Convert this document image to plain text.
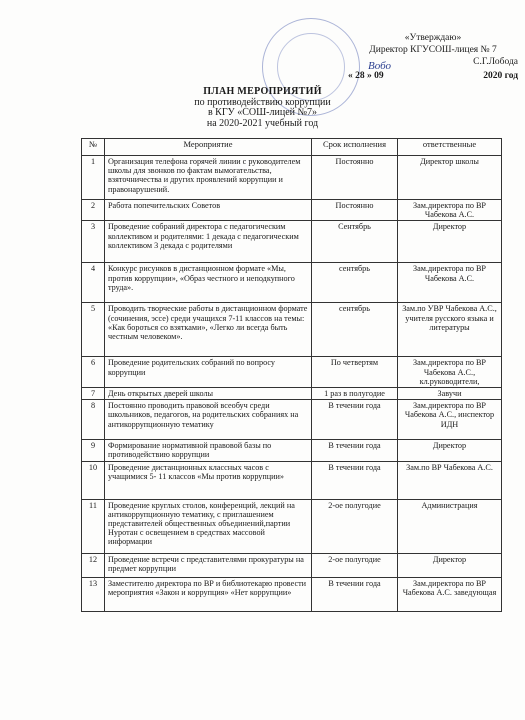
«Утверждаю»
Директор КГУСОШ-лицея № 7
С.Г.Лобода
Вобо
« 28 » 09	2020 год
ПЛАН МЕРОПРИЯТИЙ
по противодействию коррупции
в КГУ «СОШ-лицей №7»
на 2020-2021 учебный год
№	Мероприятие	Срок исполнения	ответственные
1	Организация телефона горячей линии с руководителем школы для звонков по фактам вымогательства, взяточничества и других проявлений коррупции и правонарушений.	Постоянно	Директор школы
2	Работа попечительских Советов	Постоянно	Зам.директора по ВР Чабекова А.С.
3	Проведение собраний директора с педагогическим коллективом и родителями: 1 декада с педагогическим коллективом 3 декада с родителями	Сентябрь	Директор
4	Конкурс рисунков в дистанционном формате «Мы, против коррупции», «Образ честного и неподкупного труда».	сентябрь	Зам.директора по ВР Чабекова А.С.
5	Проводить творческие работы в дистанционном формате (сочинения, эссе) среди учащихся 7-11 классов на темы: «Как бороться со взятками», «Легко ли всегда быть честным человеком».	сентябрь	Зам.по УВР Чабекова А.С., учителя русского языка и литературы
6	Проведение родительских собраний по вопросу коррупции	По четвертям	Зам.директора по ВР Чабекова А.С., кл.руководители,
7	День открытых дверей школы	1 раз в полугодие	Завучи
8	Постоянно проводить правовой всеобуч среди школьников, педагогов, на родительских собраниях на антикоррупционную тематику	В течении года	Зам.директора по ВР Чабекова А.С., инспектор ИДН
9	Формирование нормативной правовой базы по противодействию коррупции	В течении года	Директор
10	Проведение дистанционных классных часов с учащимися 5- 11 классов «Мы против коррупции»	В течении года	Зам.по ВР Чабекова А.С.
11	Проведение круглых столов, конференций, лекций на антикоррупционную тематику, с приглашением представителей общественных объединений,партии Нуротан с освещением в средствах массовой информации	2-ое полугодие	Администрация
12	Проведение встречи с представителями прокуратуры на предмет коррупции	2-ое полугодие	Директор
13	Заместителю директора по ВР и библиотекарю провести мероприятия «Закон и коррупция» «Нет коррупции»	В течении года	Зам.директора по ВР Чабекова А.С. заведующая
